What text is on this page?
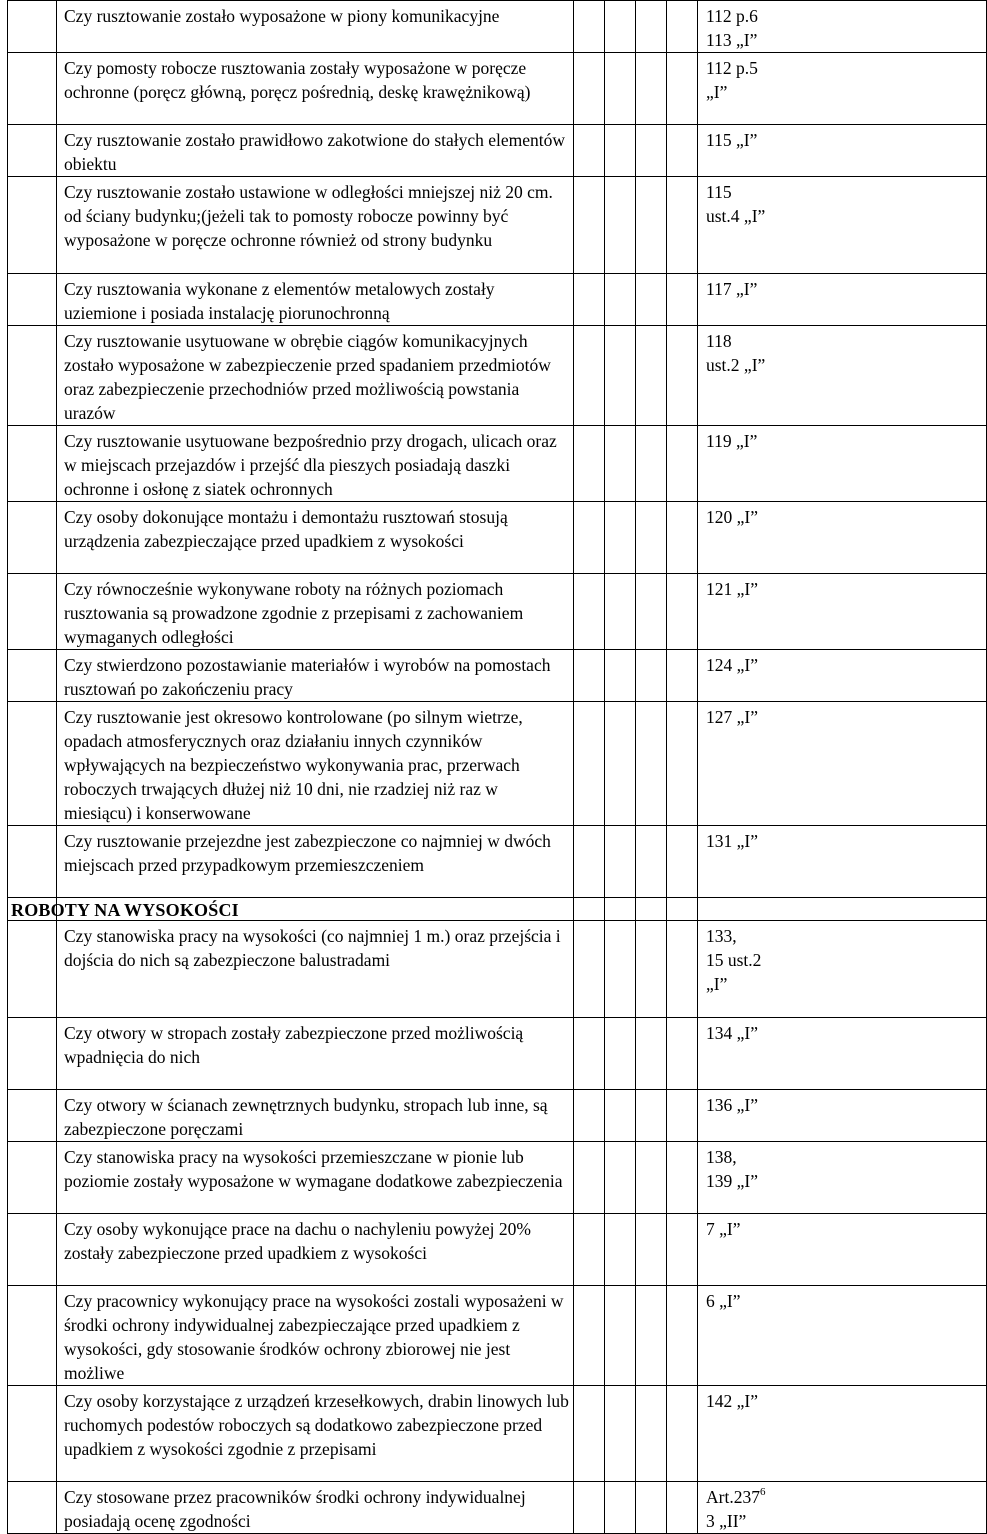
	Czy rusztowanie zostało wyposażone w piony komunikacyjne					112 p.6
113 „I”

	Czy pomosty robocze rusztowania zostały wyposażone w poręcze ochronne (poręcz główną, poręcz pośrednią, deskę krawężnikową)					112 p.5
„I”

	Czy rusztowanie zostało prawidłowo zakotwione do stałych elementów obiektu					115 „I”

	Czy rusztowanie zostało ustawione w odległości mniejszej niż 20 cm. od ściany budynku;(jeżeli tak to pomosty robocze powinny być wyposażone w poręcze ochronne również od strony budynku					115
ust.4 „I”

	Czy rusztowania wykonane z elementów metalowych zostały uziemione i posiada instalację piorunochronną					117 „I”

	Czy rusztowanie usytuowane w obrębie ciągów komunikacyjnych zostało wyposażone w zabezpieczenie przed spadaniem przedmiotów oraz zabezpieczenie przechodniów przed możliwością powstania urazów					118
ust.2 „I”

	Czy rusztowanie usytuowane bezpośrednio przy drogach, ulicach oraz w miejscach przejazdów i przejść dla pieszych posiadają daszki ochronne i osłonę z siatek ochronnych					119 „I”

	Czy osoby dokonujące montażu i demontażu rusztowań stosują urządzenia zabezpieczające przed upadkiem z wysokości					120 „I”

	Czy równocześnie wykonywane roboty na różnych poziomach rusztowania są prowadzone zgodnie z przepisami z zachowaniem wymaganych odległości					121 „I”

	Czy stwierdzono pozostawianie materiałów i wyrobów na pomostach rusztowań po zakończeniu pracy					124 „I”

	Czy rusztowanie jest okresowo kontrolowane (po silnym wietrze, opadach atmosferycznych oraz działaniu innych czynników wpływających na bezpieczeństwo wykonywania prac, przerwach roboczych trwających dłużej niż 10 dni, nie rzadziej niż raz w miesiącu) i konserwowane					127 „I”

	Czy rusztowanie przejezdne jest zabezpieczone co najmniej w dwóch miejscach przed przypadkowym przemieszczeniem					131 „I”

ROBOTY NA WYSOKOŚCI						
	Czy stanowiska pracy na wysokości (co najmniej 1 m.) oraz przejścia i dojścia do nich są zabezpieczone balustradami					133,
15 ust.2
„I”

	Czy otwory w stropach zostały zabezpieczone przed możliwością wpadnięcia do nich					134 „I”

	Czy otwory w ścianach zewnętrznych budynku, stropach lub inne, są zabezpieczone poręczami					136 „I”

	Czy stanowiska pracy na wysokości przemieszczane w pionie lub poziomie zostały wyposażone w wymagane dodatkowe zabezpieczenia					138,
139 „I”

	Czy osoby wykonujące prace na dachu o nachyleniu powyżej 20% zostały zabezpieczone przed upadkiem z wysokości					7 „I”

	Czy pracownicy wykonujący prace na wysokości zostali wyposażeni w środki ochrony indywidualnej zabezpieczające przed upadkiem z wysokości, gdy stosowanie środków ochrony zbiorowej nie jest możliwe					6 „I”

	Czy osoby korzystające z urządzeń krzesełkowych, drabin linowych lub ruchomych podestów roboczych są dodatkowo zabezpieczone przed upadkiem z wysokości zgodnie z przepisami					142 „I”

	Czy stosowane przez pracowników środki ochrony indywidualnej posiadają ocenę zgodności					Art.237$^6$
3 „II”
